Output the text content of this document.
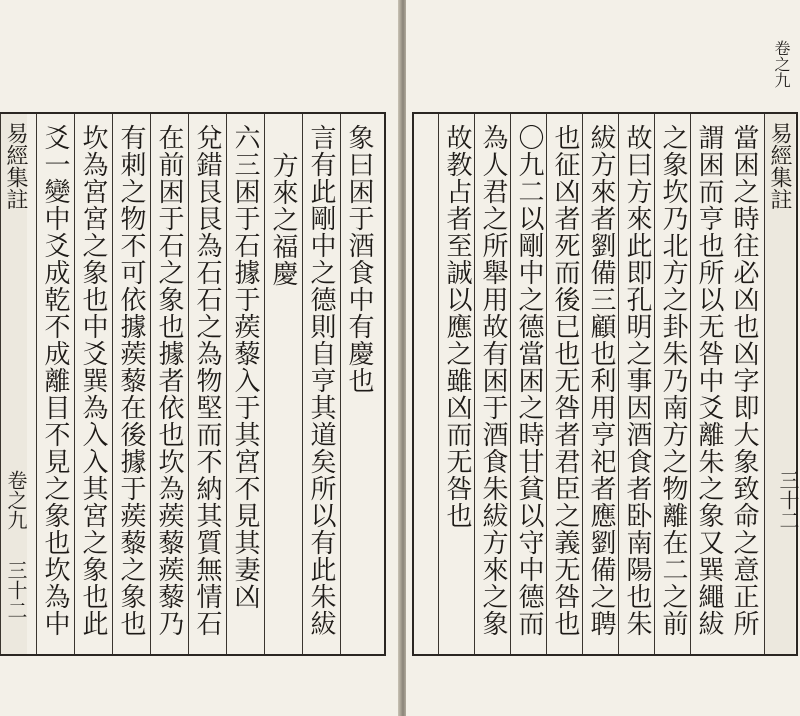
易經集註	象曰困于酒食中有慶也
言有此剛中之德則自亨其道矣所以有此朱紱
方來之福慶
六三困于石據于蒺藜入于其宮不見其妻凶
兌錯艮艮為石石之為物堅而不納其質無情石
在前困于石之象也據者依也坎為蒺藜蒺藜乃
有刺之物不可依據蒺藜在後據于蒺藜之象也
坎為宮宮之象也中爻巽為入入其宮之象也此
爻一變中爻成乾不成離目不見之象也坎為中
卷之九
三十二	當困之時往必凶也凶字即大象致命之意正所
謂困而亨也所以无咎中爻離朱之象又巽繩紱
之象坎乃北方之卦朱乃南方之物離在二之前
故曰方來此即孔明之事因酒食者卧南陽也朱
紱方來者劉備三顧也利用亨祀者應劉備之聘
也征凶者死而後已也无咎者君臣之義无咎也
〇九二以剛中之德當困之時甘貧以守中德而
為人君之所舉用故有困于酒食朱紱方來之象
故教占者至誠以應之雖凶而无咎也	易經集註
卷之九
三十二
